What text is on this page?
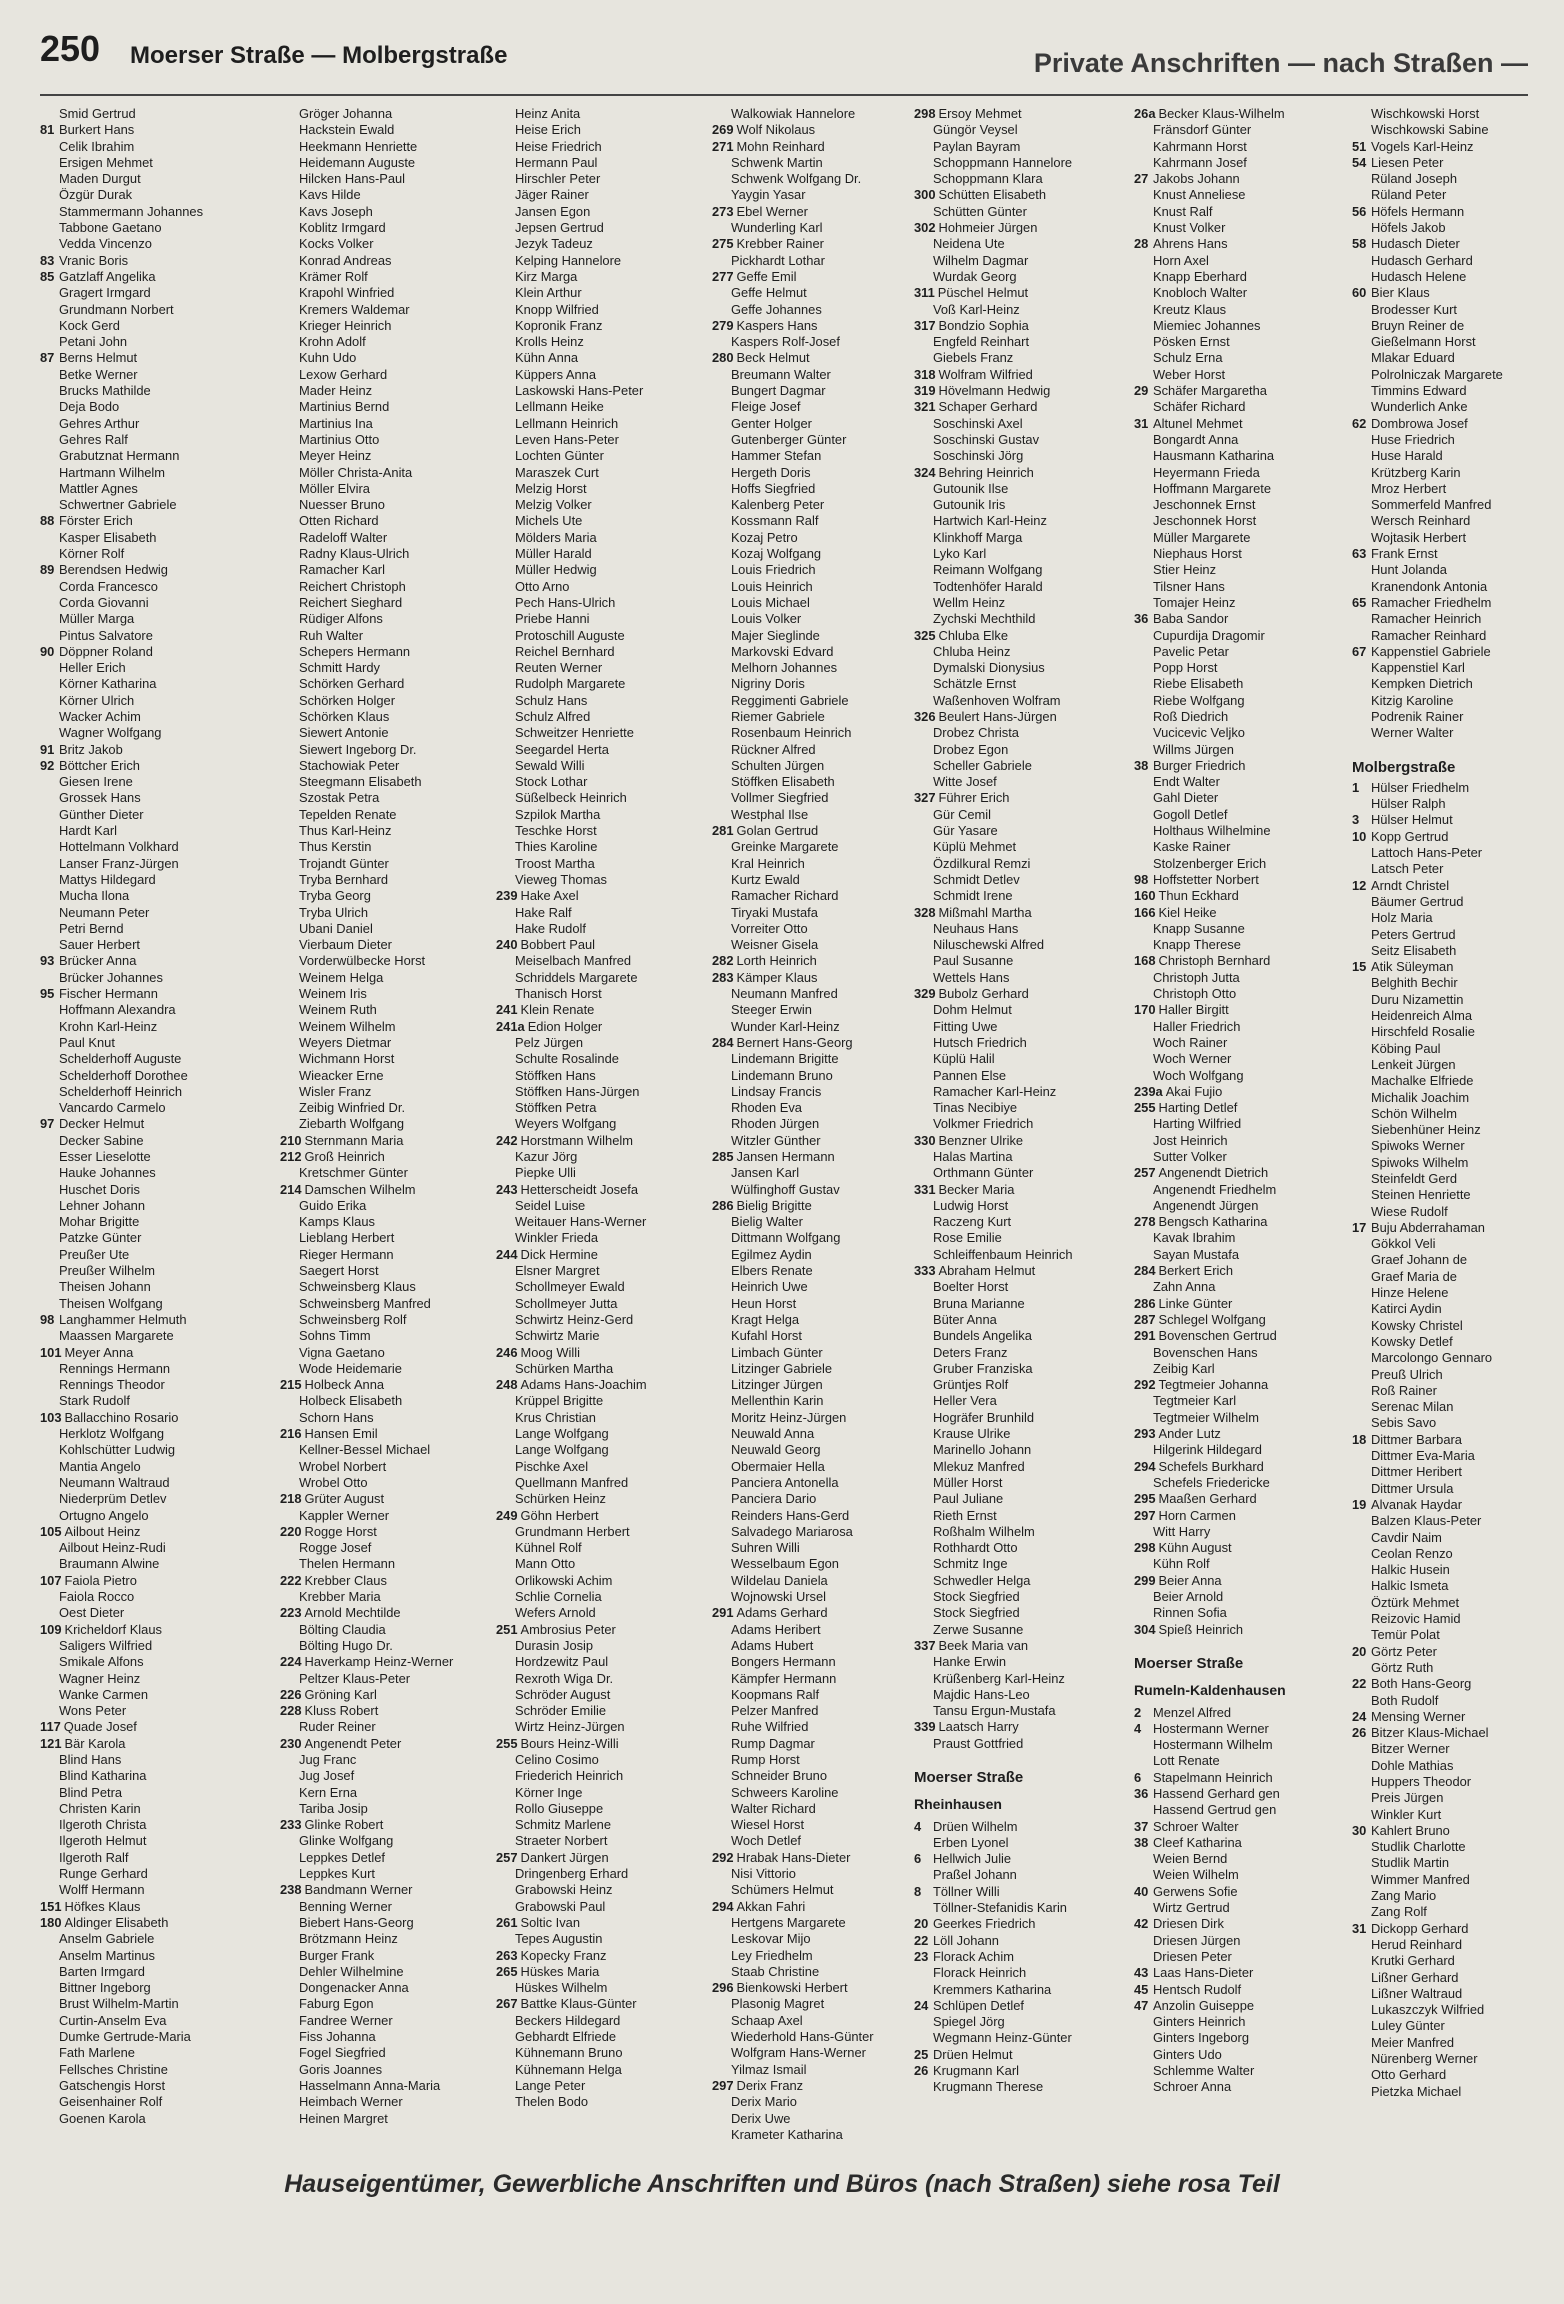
250 Moerser Straße — Molbergstraße	Private Anschriften — nach Straßen —
Smid Gertrud
81 Burkert Hans
Celik Ibrahim
Ersigen Mehmet
Maden Durgut
Özgür Durak
Stammermann Johannes
Tabbone Gaetano
Vedda Vincenzo
83 Vranic Boris
85 Gatzlaff Angelika
Gragert Irmgard
Grundmann Norbert
Kock Gerd
Petani John
87 Berns Helmut
Betke Werner
Brucks Mathilde
Deja Bodo
Gehres Arthur
Gehres Ralf
Grabutznat Hermann
Hartmann Wilhelm
Mattler Agnes
Schwertner Gabriele
88 Förster Erich
Kasper Elisabeth
Körner Rolf
89 Berendsen Hedwig
Corda Francesco
Corda Giovanni
Müller Marga
Pintus Salvatore
90 Döppner Roland
Heller Erich
Körner Katharina
Körner Ulrich
Wacker Achim
Wagner Wolfgang
91 Britz Jakob
92 Böttcher Erich
Giesen Irene
Grossek Hans
Günther Dieter
Hardt Karl
Hottelmann Volkhard
Lanser Franz-Jürgen
Mattys Hildegard
Mucha Ilona
Neumann Peter
Petri Bernd
Sauer Herbert
93 Brücker Anna
Brücker Johannes
95 Fischer Hermann
Hoffmann Alexandra
Krohn Karl-Heinz
Paul Knut
Schelderhoff Auguste
Schelderhoff Dorothee
Schelderhoff Heinrich
Vancardo Carmelo
97 Decker Helmut
Decker Sabine
Esser Lieselotte
Hauke Johannes
Huschet Doris
Lehner Johann
Mohar Brigitte
Patzke Günter
Preußer Ute
Preußer Wilhelm
Theisen Johann
Theisen Wolfgang
98 Langhammer Helmuth
Maassen Margarete
101 Meyer Anna
Rennings Hermann
Rennings Theodor
Stark Rudolf
103 Ballacchino Rosario
Herklotz Wolfgang
Kohlschütter Ludwig
Mantia Angelo
Neumann Waltraud
Niederprüm Detlev
Ortugno Angelo
105 Ailbout Heinz
Ailbout Heinz-Rudi
Braumann Alwine
107 Faiola Pietro
Faiola Rocco
Oest Dieter
109 Kricheldorf Klaus
Saligers Wilfried
Smikale Alfons
Wagner Heinz
Wanke Carmen
Wons Peter
117 Quade Josef
121 Bär Karola
Blind Hans
Blind Katharina
Blind Petra
Christen Karin
Ilgeroth Christa
Ilgeroth Helmut
Ilgeroth Ralf
Runge Gerhard
Wolff Hermann
151 Höfkes Klaus
180 Aldinger Elisabeth
Anselm Gabriele
Anselm Martinus
Barten Irmgard
Bittner Ingeborg
Brust Wilhelm-Martin
Curtin-Anselm Eva
Dumke Gertrude-Maria
Fath Marlene
Fellsches Christine
Gatschengis Horst
Geisenhainer Rolf
Goenen Karola
Gröger Johanna
Hackstein Ewald
Heekmann Henriette
Heidemann Auguste
Hilcken Hans-Paul
Kavs Hilde
Kavs Joseph
Koblitz Irmgard
Kocks Volker
Konrad Andreas
Krämer Rolf
Krapohl Winfried
Kremers Waldemar
Krieger Heinrich
Krohn Adolf
Kuhn Udo
Lexow Gerhard
Mader Heinz
Martinius Bernd
Martinius Ina
Martinius Otto
Meyer Heinz
Möller Christa-Anita
Möller Elvira
Nuesser Bruno
Otten Richard
Radeloff Walter
Radny Klaus-Ulrich
Ramacher Karl
Reichert Christoph
Reichert Sieghard
Rüdiger Alfons
Ruh Walter
Schepers Hermann
Schmitt Hardy
Schörken Gerhard
Schörken Holger
Schörken Klaus
Siewert Antonie
Siewert Ingeborg Dr.
Stachowiak Peter
Steegmann Elisabeth
Szostak Petra
Tepelden Renate
Thus Karl-Heinz
Thus Kerstin
Trojandt Günter
Tryba Bernhard
Tryba Georg
Tryba Ulrich
Ubani Daniel
Vierbaum Dieter
Vorderwülbecke Horst
Weinem Helga
Weinem Iris
Weinem Ruth
Weinem Wilhelm
Weyers Dietmar
Wichmann Horst
Wieacker Erne
Wisler Franz
Zeibig Winfried Dr.
Ziebarth Wolfgang
210 Sternmann Maria
212 Groß Heinrich
Kretschmer Günter
214 Damschen Wilhelm
Guido Erika
Kamps Klaus
Lieblang Herbert
Rieger Hermann
Saegert Horst
Schweinsberg Klaus
Schweinsberg Manfred
Schweinsberg Rolf
Sohns Timm
Vigna Gaetano
Wode Heidemarie
215 Holbeck Anna
Holbeck Elisabeth
Schorn Hans
216 Hansen Emil
Kellner-Bessel Michael
Wrobel Norbert
Wrobel Otto
218 Grüter August
Kappler Werner
220 Rogge Horst
Rogge Josef
Thelen Hermann
222 Krebber Claus
Krebber Maria
223 Arnold Mechtilde
Bölting Claudia
Bölting Hugo Dr.
224 Haverkamp Heinz-Werner
Peltzer Klaus-Peter
226 Gröning Karl
228 Kluss Robert
Ruder Reiner
230 Angenendt Peter
Jug Franc
Jug Josef
Kern Erna
Tariba Josip
233 Glinke Robert
Glinke Wolfgang
Leppkes Detlef
Leppkes Kurt
238 Bandmann Werner
Benning Werner
Biebert Hans-Georg
Brötzmann Heinz
Burger Frank
Dehler Wilhelmine
Dongenacker Anna
Faburg Egon
Fandree Werner
Fiss Johanna
Fogel Siegfried
Goris Joannes
Hasselmann Anna-Maria
Heimbach Werner
Heinen Margret
Heinz Anita
Heise Erich
Heise Friedrich
Hermann Paul
Hirschler Peter
Jäger Rainer
Jansen Egon
Jepsen Gertrud
Jezyk Tadeuz
Kelping Hannelore
Kirz Marga
Klein Arthur
Knopp Wilfried
Kopronik Franz
Krolls Heinz
Kühn Anna
Küppers Anna
Laskowski Hans-Peter
Lellmann Heike
Lellmann Heinrich
Leven Hans-Peter
Lochten Günter
Maraszek Curt
Melzig Horst
Melzig Volker
Michels Ute
Mölders Maria
Müller Harald
Müller Hedwig
Otto Arno
Pech Hans-Ulrich
Priebe Hanni
Protoschill Auguste
Reichel Bernhard
Reuten Werner
Rudolph Margarete
Schulz Hans
Schulz Alfred
Schweitzer Henriette
Seegardel Herta
Sewald Willi
Stock Lothar
Süßelbeck Heinrich
Szpilok Martha
Teschke Horst
Thies Karoline
Troost Martha
Vieweg Thomas
239 Hake Axel
Hake Ralf
Hake Rudolf
240 Bobbert Paul
Meiselbach Manfred
Schriddels Margarete
Thanisch Horst
241 Klein Renate
241a Edion Holger
Pelz Jürgen
Schulte Rosalinde
Stöffken Hans
Stöffken Hans-Jürgen
Stöffken Petra
Weyers Wolfgang
242 Horstmann Wilhelm
Kazur Jörg
Piepke Ulli
243 Hetterscheidt Josefa
Seidel Luise
Weitauer Hans-Werner
Winkler Frieda
244 Dick Hermine
Elsner Margret
Schollmeyer Ewald
Schollmeyer Jutta
Schwirtz Heinz-Gerd
Schwirtz Marie
246 Moog Willi
Schürken Martha
248 Adams Hans-Joachim
Krüppel Brigitte
Krus Christian
Lange Wolfgang
Lange Wolfgang
Pischke Axel
Quellmann Manfred
Schürken Heinz
249 Göhn Herbert
Grundmann Herbert
Kühnel Rolf
Mann Otto
Orlikowski Achim
Schlie Cornelia
Wefers Arnold
251 Ambrosius Peter
Durasin Josip
Hordzewitz Paul
Rexroth Wiga Dr.
Schröder August
Schröder Emilie
Wirtz Heinz-Jürgen
255 Bours Heinz-Willi
Celino Cosimo
Friederich Heinrich
Körner Inge
Rollo Giuseppe
Schmitz Marlene
Straeter Norbert
257 Dankert Jürgen
Dringenberg Erhard
Grabowski Heinz
Grabowski Paul
261 Soltic Ivan
Tepes Augustin
263 Kopecky Franz
265 Hüskes Maria
Hüskes Wilhelm
267 Battke Klaus-Günter
Beckers Hildegard
Gebhardt Elfriede
Kühnemann Bruno
Kühnemann Helga
Lange Peter
Thelen Bodo
Walkowiak Hannelore
269 Wolf Nikolaus
271 Mohn Reinhard
Schwenk Martin
Schwenk Wolfgang Dr.
Yaygin Yasar
273 Ebel Werner
Wunderling Karl
275 Krebber Rainer
Pickhardt Lothar
277 Geffe Emil
Geffe Helmut
Geffe Johannes
279 Kaspers Hans
Kaspers Rolf-Josef
280 Beck Helmut
Breumann Walter
Bungert Dagmar
Fleige Josef
Genter Holger
Gutenberger Günter
Hammer Stefan
Hergeth Doris
Hoffs Siegfried
Kalenberg Peter
Kossmann Ralf
Kozaj Petro
Kozaj Wolfgang
Louis Friedrich
Louis Heinrich
Louis Michael
Louis Volker
Majer Sieglinde
Markovski Edvard
Melhorn Johannes
Nigriny Doris
Reggimenti Gabriele
Riemer Gabriele
Rosenbaum Heinrich
Rückner Alfred
Schulten Jürgen
Stöffken Elisabeth
Vollmer Siegfried
Westphal Ilse
281 Golan Gertrud
Greinke Margarete
Kral Heinrich
Kurtz Ewald
Ramacher Richard
Tiryaki Mustafa
Vorreiter Otto
Weisner Gisela
282 Lorth Heinrich
283 Kämper Klaus
Neumann Manfred
Steeger Erwin
Wunder Karl-Heinz
284 Bernert Hans-Georg
Lindemann Brigitte
Lindemann Bruno
Lindsay Francis
Rhoden Eva
Rhoden Jürgen
Witzler Günther
285 Jansen Hermann
Jansen Karl
Wülfinghoff Gustav
286 Bielig Brigitte
Bielig Walter
Dittmann Wolfgang
Egilmez Aydin
Elbers Renate
Heinrich Uwe
Heun Horst
Kragt Helga
Kufahl Horst
Limbach Günter
Litzinger Gabriele
Litzinger Jürgen
Mellenthin Karin
Moritz Heinz-Jürgen
Neuwald Anna
Neuwald Georg
Obermaier Hella
Panciera Antonella
Panciera Dario
Reinders Hans-Gerd
Salvadego Mariarosa
Suhren Willi
Wesselbaum Egon
Wildelau Daniela
Wojnowski Ursel
291 Adams Gerhard
Adams Heribert
Adams Hubert
Bongers Hermann
Kämpfer Hermann
Koopmans Ralf
Pelzer Manfred
Ruhe Wilfried
Rump Dagmar
Rump Horst
Schneider Bruno
Schweers Karoline
Walter Richard
Wiesel Horst
Woch Detlef
292 Hrabak Hans-Dieter
Nisi Vittorio
Schümers Helmut
294 Akkan Fahri
Hertgens Margarete
Leskovar Mijo
Ley Friedhelm
Staab Christine
296 Bienkowski Herbert
Plasonig Magret
Schaap Axel
Wiederhold Hans-Günter
Wolfgram Hans-Werner
Yilmaz Ismail
297 Derix Franz
Derix Mario
Derix Uwe
Krameter Katharina
298 Ersoy Mehmet
Güngör Veysel
Paylan Bayram
Schoppmann Hannelore
Schoppmann Klara
300 Schütten Elisabeth
Schütten Günter
302 Hohmeier Jürgen
Neidena Ute
Wilhelm Dagmar
Wurdak Georg
311 Püschel Helmut
Voß Karl-Heinz
317 Bondzio Sophia
Engfeld Reinhart
Giebels Franz
318 Wolfram Wilfried
319 Hövelmann Hedwig
321 Schaper Gerhard
Soschinski Axel
Soschinski Gustav
Soschinski Jörg
324 Behring Heinrich
Gutounik Ilse
Gutounik Iris
Hartwich Karl-Heinz
Klinkhoff Marga
Lyko Karl
Reimann Wolfgang
Todtenhöfer Harald
Wellm Heinz
Zychski Mechthild
325 Chluba Elke
Chluba Heinz
Dymalski Dionysius
Schätzle Ernst
Waßenhoven Wolfram
326 Beulert Hans-Jürgen
Drobez Christa
Drobez Egon
Scheller Gabriele
Witte Josef
327 Führer Erich
Gür Cemil
Gür Yasare
Küplü Mehmet
Özdilkural Remzi
Schmidt Detlev
Schmidt Irene
328 Mißmahl Martha
Neuhaus Hans
Niluschewski Alfred
Paul Susanne
Wettels Hans
329 Bubolz Gerhard
Dohm Helmut
Fitting Uwe
Hutsch Friedrich
Küplü Halil
Pannen Else
Ramacher Karl-Heinz
Tinas Necibiye
Volkmer Friedrich
330 Benzner Ulrike
Halas Martina
Orthmann Günter
331 Becker Maria
Ludwig Horst
Raczeng Kurt
Rose Emilie
Schleiffenbaum Heinrich
333 Abraham Helmut
Boelter Horst
Bruna Marianne
Büter Anna
Bundels Angelika
Deters Franz
Gruber Franziska
Grüntjes Rolf
Heller Vera
Hogräfer Brunhild
Krause Ulrike
Marinello Johann
Mlekuz Manfred
Müller Horst
Paul Juliane
Rieth Ernst
Roßhalm Wilhelm
Rothhardt Otto
Schmitz Inge
Schwedler Helga
Stock Siegfried
Stock Siegfried
Zerwe Susanne
337 Beek Maria van
Hanke Erwin
Krüßenberg Karl-Heinz
Majdic Hans-Leo
Tansu Ergun-Mustafa
339 Laatsch Harry
Praust Gottfried
Moerser Straße
Rheinhausen
4 Drüen Wilhelm
Erben Lyonel
6 Hellwich Julie
Praßel Johann
8 Töllner Willi
Töllner-Stefanidis Karin
20 Geerkes Friedrich
22 Löll Johann
23 Florack Achim
Florack Heinrich
Kremmers Katharina
24 Schlüpen Detlef
Spiegel Jörg
Wegmann Heinz-Günter
25 Drüen Helmut
26 Krugmann Karl
Krugmann Therese
26a Becker Klaus-Wilhelm
Fränsdorf Günter
Kahrmann Horst
Kahrmann Josef
27 Jakobs Johann
Knust Anneliese
Knust Ralf
Knust Volker
28 Ahrens Hans
Horn Axel
Knapp Eberhard
Knobloch Walter
Kreutz Klaus
Miemiec Johannes
Pösken Ernst
Schulz Erna
Weber Horst
29 Schäfer Margaretha
Schäfer Richard
31 Altunel Mehmet
Bongardt Anna
Hausmann Katharina
Heyermann Frieda
Hoffmann Margarete
Jeschonnek Ernst
Jeschonnek Horst
Müller Margarete
Niephaus Horst
Stier Heinz
Tilsner Hans
Tomajer Heinz
36 Baba Sandor
Cupurdija Dragomir
Pavelic Petar
Popp Horst
Riebe Elisabeth
Riebe Wolfgang
Roß Diedrich
Vucicevic Veljko
Willms Jürgen
38 Burger Friedrich
Endt Walter
Gahl Dieter
Gogoll Detlef
Holthaus Wilhelmine
Kaske Rainer
Stolzenberger Erich
98 Hoffstetter Norbert
160 Thun Eckhard
166 Kiel Heike
Knapp Susanne
Knapp Therese
168 Christoph Bernhard
Christoph Jutta
Christoph Otto
170 Haller Birgitt
Haller Friedrich
Woch Rainer
Woch Werner
Woch Wolfgang
239a Akai Fujio
255 Harting Detlef
Harting Wilfried
Jost Heinrich
Sutter Volker
257 Angenendt Dietrich
Angenendt Friedhelm
Angenendt Jürgen
278 Bengsch Katharina
Kavak Ibrahim
Sayan Mustafa
284 Berkert Erich
Zahn Anna
286 Linke Günter
287 Schlegel Wolfgang
291 Bovenschen Gertrud
Bovenschen Hans
Zeibig Karl
292 Tegtmeier Johanna
Tegtmeier Karl
Tegtmeier Wilhelm
293 Ander Lutz
Hilgerink Hildegard
294 Schefels Burkhard
Schefels Friedericke
295 Maaßen Gerhard
297 Horn Carmen
Witt Harry
298 Kühn August
Kühn Rolf
299 Beier Anna
Beier Arnold
Rinnen Sofia
304 Spieß Heinrich
Moerser Straße
Rumeln-Kaldenhausen
2 Menzel Alfred
4 Hostermann Werner
Hostermann Wilhelm
Lott Renate
6 Stapelmann Heinrich
36 Hassend Gerhard gen
Hassend Gertrud gen
37 Schroer Walter
38 Cleef Katharina
Weien Bernd
Weien Wilhelm
40 Gerwens Sofie
Wirtz Gertrud
42 Driesen Dirk
Driesen Jürgen
Driesen Peter
43 Laas Hans-Dieter
45 Hentsch Rudolf
47 Anzolin Guiseppe
Ginters Heinrich
Ginters Ingeborg
Ginters Udo
Schlemme Walter
Schroer Anna
Wischkowski Horst
Wischkowski Sabine
51 Vogels Karl-Heinz
54 Liesen Peter
Rüland Joseph
Rüland Peter
56 Höfels Hermann
Höfels Jakob
58 Hudasch Dieter
Hudasch Gerhard
Hudasch Helene
60 Bier Klaus
Brodesser Kurt
Bruyn Reiner de
Gießelmann Horst
Mlakar Eduard
Polrolniczak Margarete
Timmins Edward
Wunderlich Anke
62 Dombrowa Josef
Huse Friedrich
Huse Harald
Krützberg Karin
Mroz Herbert
Sommerfeld Manfred
Wersch Reinhard
Wojtasik Herbert
63 Frank Ernst
Hunt Jolanda
Kranendonk Antonia
65 Ramacher Friedhelm
Ramacher Heinrich
Ramacher Reinhard
67 Kappenstiel Gabriele
Kappenstiel Karl
Kempken Dietrich
Kitzig Karoline
Podrenik Rainer
Werner Walter
Molbergstraße
1 Hülser Friedhelm
Hülser Ralph
3 Hülser Helmut
10 Kopp Gertrud
Lattoch Hans-Peter
Latsch Peter
12 Arndt Christel
Bäumer Gertrud
Holz Maria
Peters Gertrud
Seitz Elisabeth
15 Atik Süleyman
Belghith Bechir
Duru Nizamettin
Heidenreich Alma
Hirschfeld Rosalie
Köbing Paul
Lenkeit Jürgen
Machalke Elfriede
Michalik Joachim
Schön Wilhelm
Siebenhüner Heinz
Spiwoks Werner
Spiwoks Wilhelm
Steinfeldt Gerd
Steinen Henriette
Wiese Rudolf
17 Buju Abderrahaman
Gökkol Veli
Graef Johann de
Graef Maria de
Hinze Helene
Katirci Aydin
Kowsky Christel
Kowsky Detlef
Marcolongo Gennaro
Preuß Ulrich
Roß Rainer
Serenac Milan
Sebis Savo
18 Dittmer Barbara
Dittmer Eva-Maria
Dittmer Heribert
Dittmer Ursula
19 Alvanak Haydar
Balzen Klaus-Peter
Cavdir Naim
Ceolan Renzo
Halkic Husein
Halkic Ismeta
Öztürk Mehmet
Reizovic Hamid
Temür Polat
20 Görtz Peter
Görtz Ruth
22 Both Hans-Georg
Both Rudolf
24 Mensing Werner
26 Bitzer Klaus-Michael
Bitzer Werner
Dohle Mathias
Huppers Theodor
Preis Jürgen
Winkler Kurt
30 Kahlert Bruno
Studlik Charlotte
Studlik Martin
Wimmer Manfred
Zang Mario
Zang Rolf
31 Dickopp Gerhard
Herud Reinhard
Krutki Gerhard
Lißner Gerhard
Lißner Waltraud
Lukaszczyk Wilfried
Luley Günter
Meier Manfred
Nürenberg Werner
Otto Gerhard
Pietzka Michael
Hauseigentümer, Gewerbliche Anschriften und Büros (nach Straßen) siehe rosa Teil
